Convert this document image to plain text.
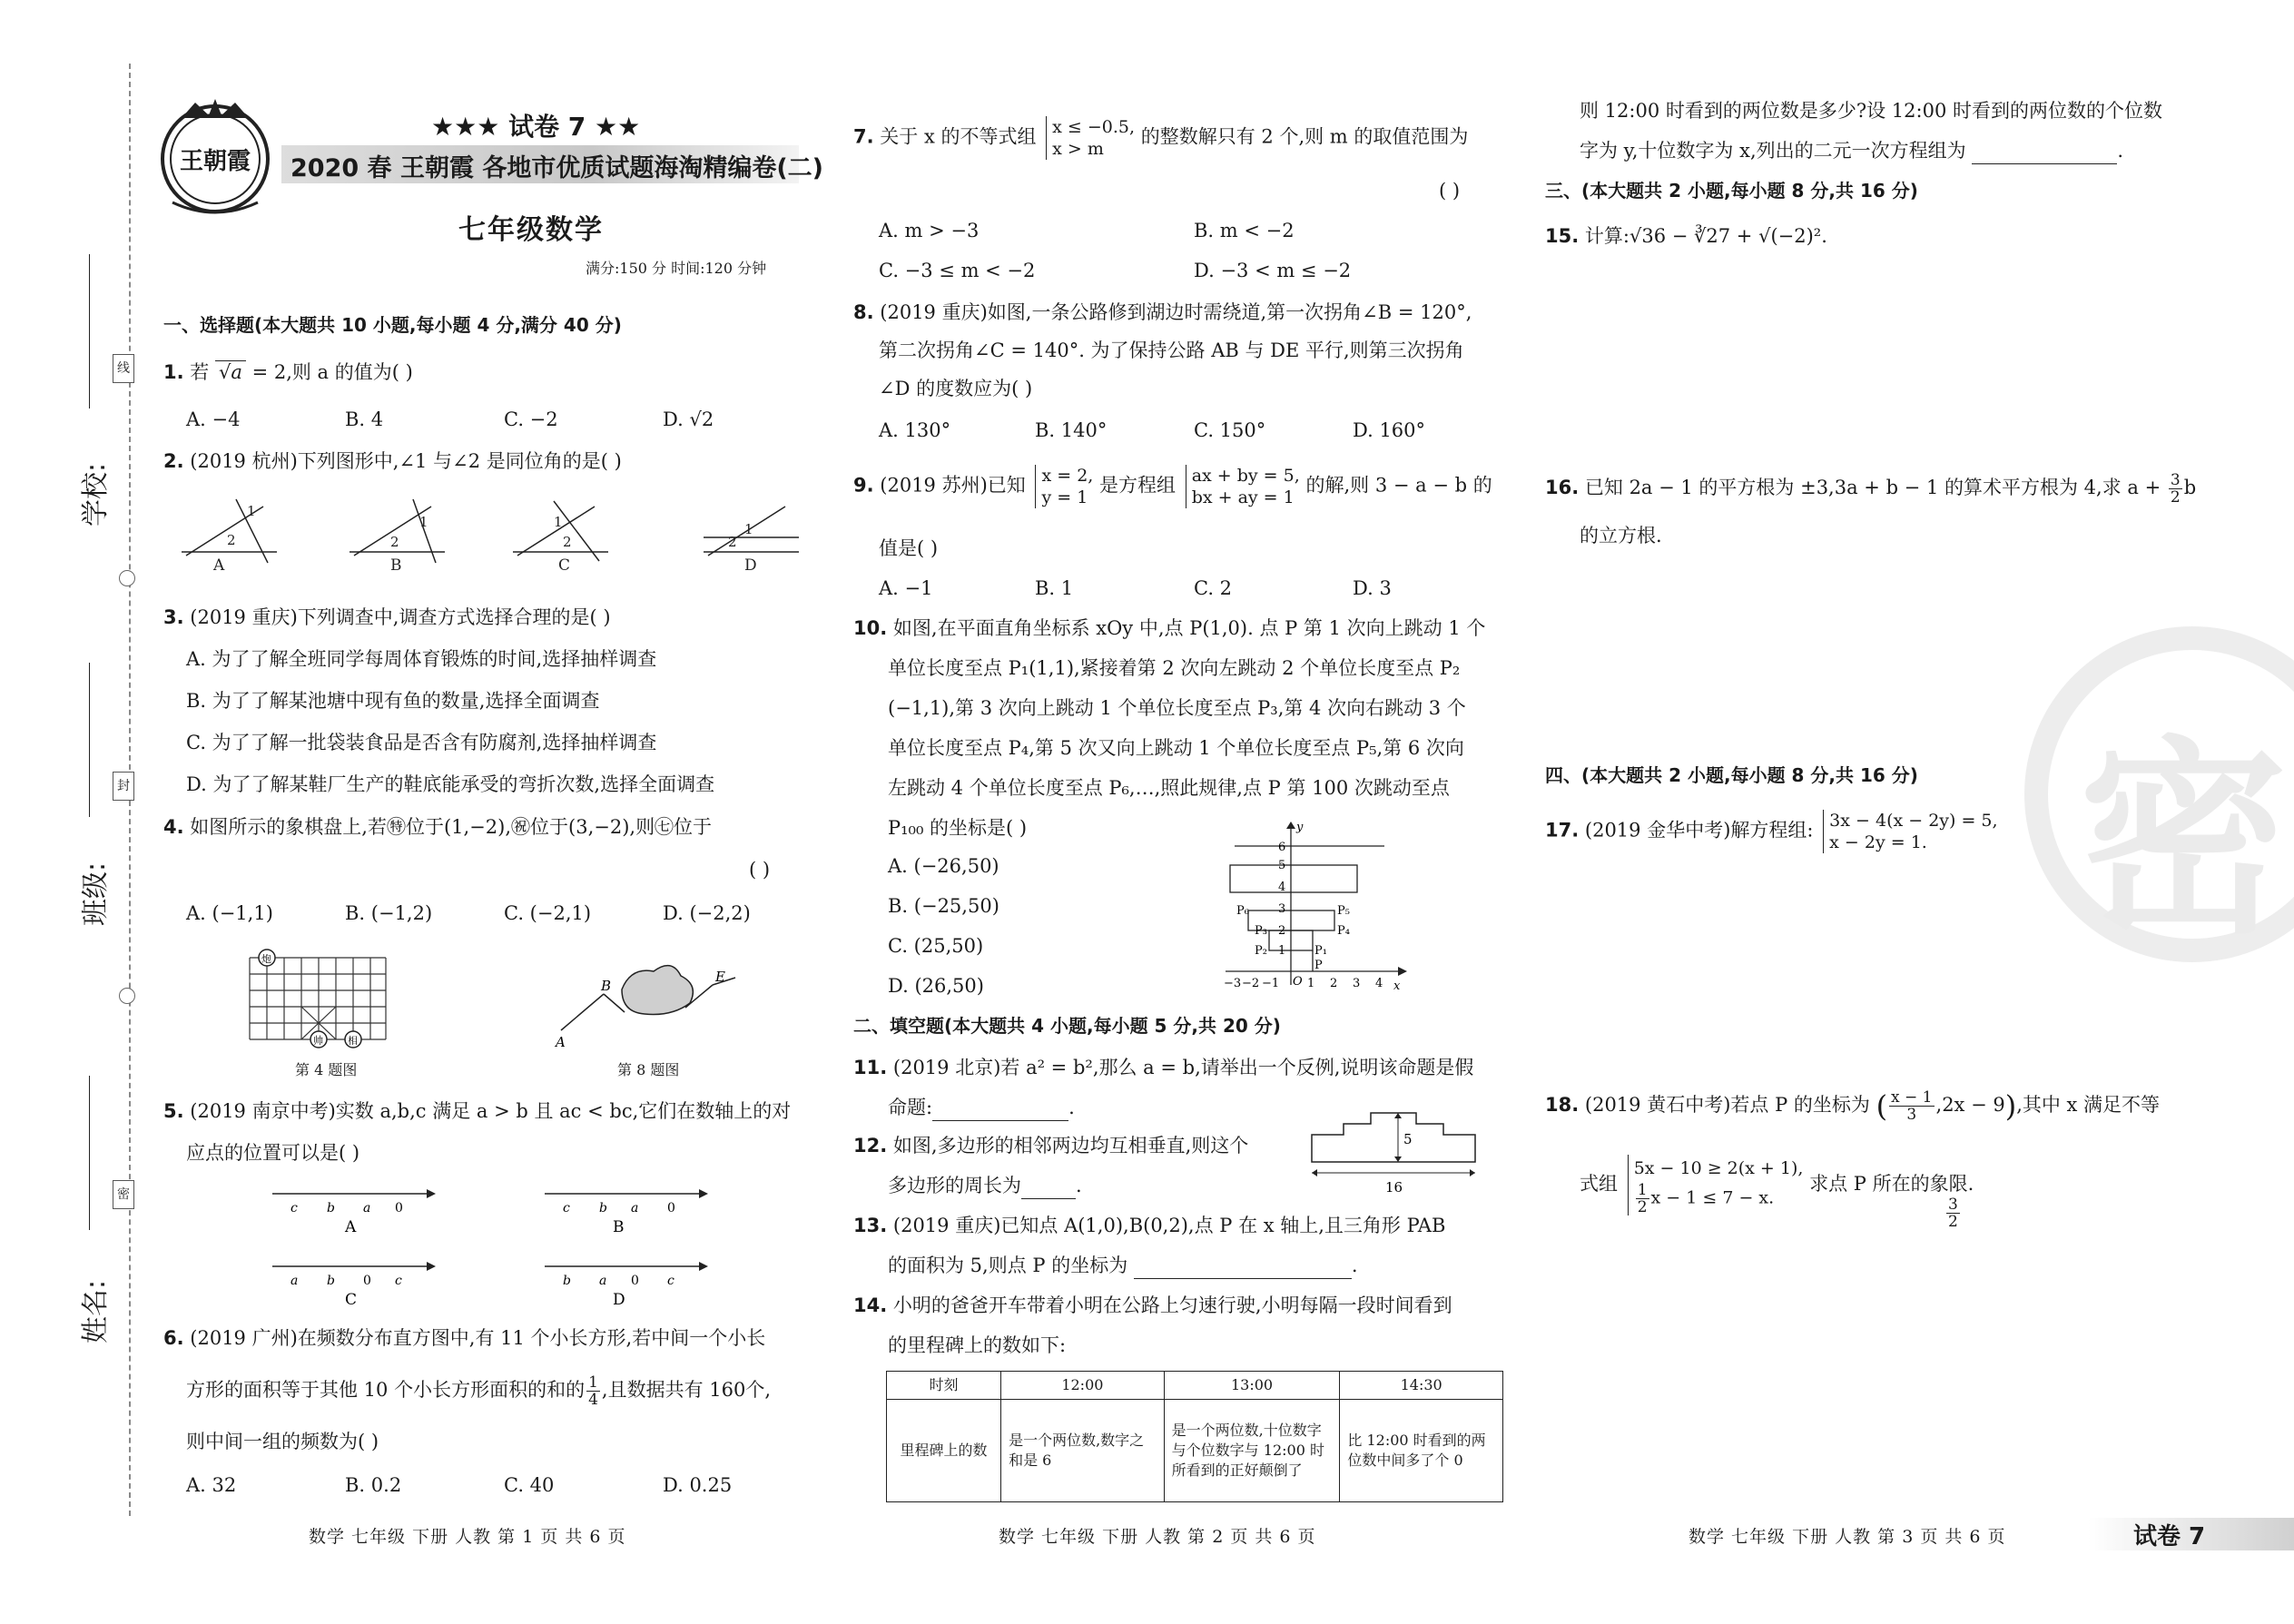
学校:
班级:
姓名:
线
封
密
王朝霞
★★★ 试卷 7 ★★
2020 春 王朝霞 各地市优质试题海淘精编卷(二)
七年级数学
满分:150 分 时间:120 分钟
一、选择题(本大题共 10 小题,每小题 4 分,满分 40 分)
1. 若 √a = 2,则 a 的值为( )
A. −4	B. 4	C. −2	D. √2
2. (2019 杭州)下列图形中,∠1 与∠2 是同位角的是( )
2
1
2
1	1
2	2
1
A	B	C	D
3. (2019 重庆)下列调查中,调查方式选择合理的是( )
A. 为了了解全班同学每周体育锻炼的时间,选择抽样调查
B. 为了了解某池塘中现有鱼的数量,选择全面调查
C. 为了了解一批袋装食品是否含有防腐剂,选择抽样调查
D. 为了了解某鞋厂生产的鞋底能承受的弯折次数,选择全面调查
4. 如图所示的象棋盘上,若㊕位于(1,−2),㊗位于(3,−2),则㊆位于
( )
A. (−1,1)	B. (−1,2)	C. (−2,1)	D. (−2,2)
炮
帅 相
第 4 题图
A
B
E
第 8 题图
5. (2019 南京中考)实数 a,b,c 满足 a > b 且 ac < bc,它们在数轴上的对
应点的位置可以是( )
c b a 0	c b a 0
a b 0 c	b a 0 c
A	B
C	D
6. (2019 广州)在频数分布直方图中,有 11 个小长方形,若中间一个小长
方形的面积等于其他 10 个小长方形面积的和的 $\frac{1}{4}$ ,且数据共有 160个,
则中间一组的频数为( )
A. 32	B. 0.2	C. 40	D. 0.25
数学 七年级 下册 人教 第 1 页 共 6 页
7. 关于 x 的不等式组 x ≤ −0.5,
x > m
的整数解只有 2 个,则 m 的取值范围为
( )
A. m > −3	B. m < −2
C. −3 ≤ m < −2	D. −3 < m ≤ −2
8. (2019 重庆)如图,一条公路修到湖边时需绕道,第一次拐角∠B = 120°,
第二次拐角∠C = 140°. 为了保持公路 AB 与 DE 平行,则第三次拐角
∠D 的度数应为( )
A. 130°	B. 140°	C. 150°	D. 160°
9. (2019 苏州)已知 x = 2,
y = 1
是方程组 ax + by = 5,
bx + ay = 1
的解,则 3 − a − b 的
值是( )
A. −1	B. 1	C. 2	D. 3
10. 如图,在平面直角坐标系 xOy 中,点 P(1,0). 点 P 第 1 次向上跳动 1 个
单位长度至点 P₁(1,1),紧接着第 2 次向左跳动 2 个单位长度至点 P₂
(−1,1),第 3 次向上跳动 1 个单位长度至点 P₃,第 4 次向右跳动 3 个
单位长度至点 P₄,第 5 次又向上跳动 1 个单位长度至点 P₅,第 6 次向
左跳动 4 个单位长度至点 P₆,…,照此规律,点 P 第 100 次跳动至点
P₁₀₀ 的坐标是( )
A. (−26,50)
B. (−25,50)
C. (25,50)
D. (26,50)
y
x
O
6
5
4
3
2
1
−3 −2 −1 1 2 3 4
P₆	P₅
P₃	P₄
P₂	P₁
P
二、填空题(本大题共 4 小题,每小题 5 分,共 20 分)
11. (2019 北京)若 a² = b²,那么 a = b,请举出一个反例,说明该命题是假
命题:	.
12. 如图,多边形的相邻两边均互相垂直,则这个
多边形的周长为	.
5
16
13. (2019 重庆)已知点 A(1,0),B(0,2),点 P 在 x 轴上,且三角形 PAB
的面积为 5,则点 P 的坐标为	.
14. 小明的爸爸开车带着小明在公路上匀速行驶,小明每隔一段时间看到
的里程碑上的数如下:
时刻	12:00	13:00	14:30
里程碑上的数	是一个两位数,数字之和是 6	是一个两位数,十位数字与个位数字与 12:00 时所看到的正好颠倒了	比 12:00 时看到的两位数中间多了个 0
数学 七年级 下册 人教 第 2 页 共 6 页
密
则 12:00 时看到的两位数是多少?设 12:00 时看到的两位数的个位数
字为 y,十位数字为 x,列出的二元一次方程组为	.
三、(本大题共 2 小题,每小题 8 分,共 16 分)
15. 计算:√36 − ∛27 + √(−2)².
16. 已知 2a − 1 的平方根为 ±3,3a + b − 1 的算术平方根为 4,求 $a + \frac{3}{2}$ b
的立方根.
四、(本大题共 2 小题,每小题 8 分,共 16 分)
17. (2019 金华中考)解方程组: 3x − 4(x − 2y) = 5,
x − 2y = 1.
18. (2019 黄石中考)若点 P 的坐标为 ( $\frac{x - 1}{3} ,2x - 9$),其中 x 满足不等
式组
5x − 10 ≥ 2(x + 1),
$\frac{1}{2}$ x − 1 ≤ 7 − x.
求点 P 所在的象限.
$\frac{3}{2}$
数学 七年级 下册 人教 第 3 页 共 6 页	试卷 7
